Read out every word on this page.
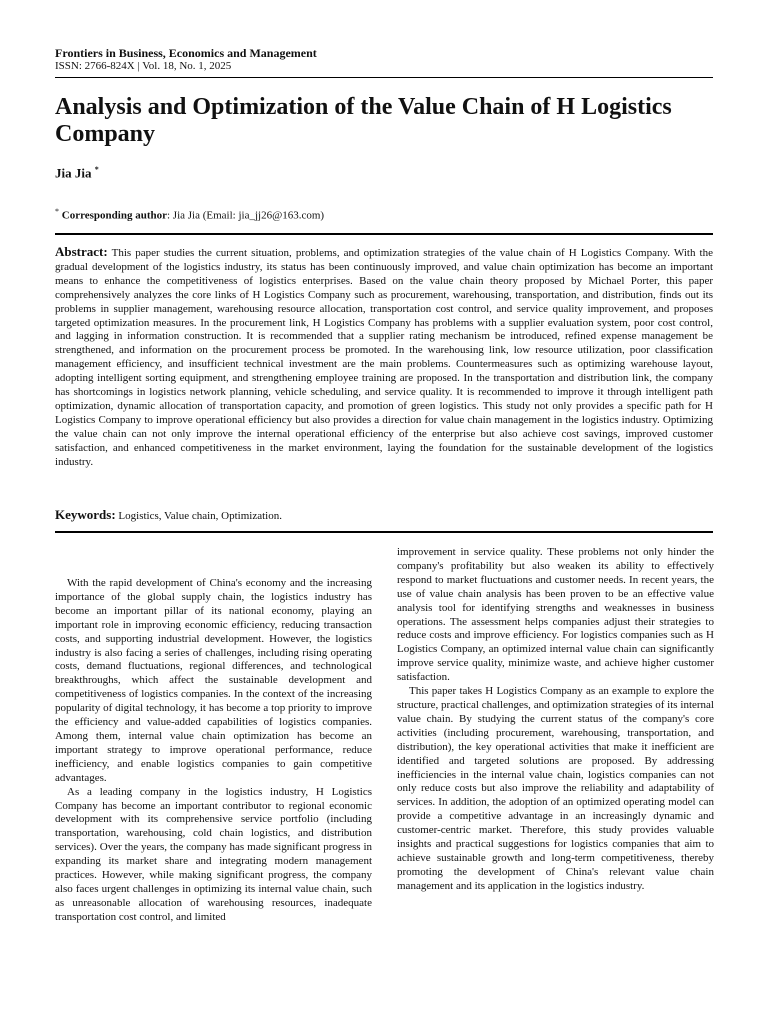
Frontiers in Business, Economics and Management
ISSN: 2766-824X | Vol. 18, No. 1, 2025
Analysis and Optimization of the Value Chain of H Logistics Company
Jia Jia *
* Corresponding author: Jia Jia (Email: jia_jj26@163.com)

Abstract: This paper studies the current situation, problems, and optimization strategies of the value chain of H Logistics Company. With the gradual development of the logistics industry, its status has been continuously improved, and value chain optimization has become an important means to enhance the competitiveness of logistics enterprises. Based on the value chain theory proposed by Michael Porter, this paper comprehensively analyzes the core links of H Logistics Company such as procurement, warehousing, transportation, and distribution, finds out its problems in supplier management, warehousing resource allocation, transportation cost control, and service quality improvement, and proposes targeted optimization measures. In the procurement link, H Logistics Company has problems with a supplier evaluation system, poor cost control, and lagging in information construction. It is recommended that a supplier rating mechanism be introduced, refined expense management be strengthened, and information on the procurement process be promoted. In the warehousing link, low resource utilization, poor classification management efficiency, and insufficient technical investment are the main problems. Countermeasures such as optimizing warehouse layout, adopting intelligent sorting equipment, and strengthening employee training are proposed. In the transportation and distribution link, the company has shortcomings in logistics network planning, vehicle scheduling, and service quality. It is recommended to improve it through intelligent path optimization, dynamic allocation of transportation capacity, and promotion of green logistics. This study not only provides a specific path for H Logistics Company to improve operational efficiency but also provides a direction for value chain management in the logistics industry. Optimizing the value chain can not only improve the internal operational efficiency of the enterprise but also achieve cost savings, improved customer satisfaction, and enhanced competitiveness in the market environment, laying the foundation for the sustainable development of the logistics industry.

Keywords: Logistics, Value chain, Optimization.

With the rapid development of China's economy and the increasing importance of the global supply chain, the logistics industry has become an important pillar of its national economy, playing an important role in improving economic efficiency, reducing transaction costs, and supporting industrial development. However, the logistics industry is also facing a series of challenges, including rising operating costs, demand fluctuations, regional differences, and technological breakthroughs, which affect the sustainable development and competitiveness of logistics companies. In the context of the increasing popularity of digital technology, it has become a top priority to improve the efficiency and value-added capabilities of logistics companies. Among them, internal value chain optimization has become an important strategy to improve operational performance, reduce inefficiency, and enable logistics companies to gain competitive advantages.

As a leading company in the logistics industry, H Logistics Company has become an important contributor to regional economic development with its comprehensive service portfolio (including transportation, warehousing, cold chain logistics, and distribution services). Over the years, the company has made significant progress in expanding its market share and integrating modern management practices. However, while making significant progress, the company also faces urgent challenges in optimizing its internal value chain, such as unreasonable allocation of warehousing resources, inadequate transportation cost control, and limited

improvement in service quality. These problems not only hinder the company's profitability but also weaken its ability to effectively respond to market fluctuations and customer needs. In recent years, the use of value chain analysis has been proven to be an effective value analysis tool for identifying strengths and weaknesses in business operations. The assessment helps companies adjust their strategies to reduce costs and improve efficiency. For logistics companies such as H Logistics Company, an optimized internal value chain can significantly improve service quality, minimize waste, and achieve higher customer satisfaction.

This paper takes H Logistics Company as an example to explore the structure, practical challenges, and optimization strategies of its internal value chain. By studying the current status of the company's core activities (including procurement, warehousing, transportation, and distribution), the key operational activities that make it inefficient are identified and targeted solutions are proposed. By addressing inefficiencies in the internal value chain, logistics companies can not only reduce costs but also improve the reliability and adaptability of services. In addition, the adoption of an optimized operating model can provide a competitive advantage in an increasingly dynamic and customer-centric market. Therefore, this study provides valuable insights and practical suggestions for logistics companies that aim to achieve sustainable growth and long-term competitiveness, thereby promoting the development of China's relevant value chain management and its application in the logistics industry.
